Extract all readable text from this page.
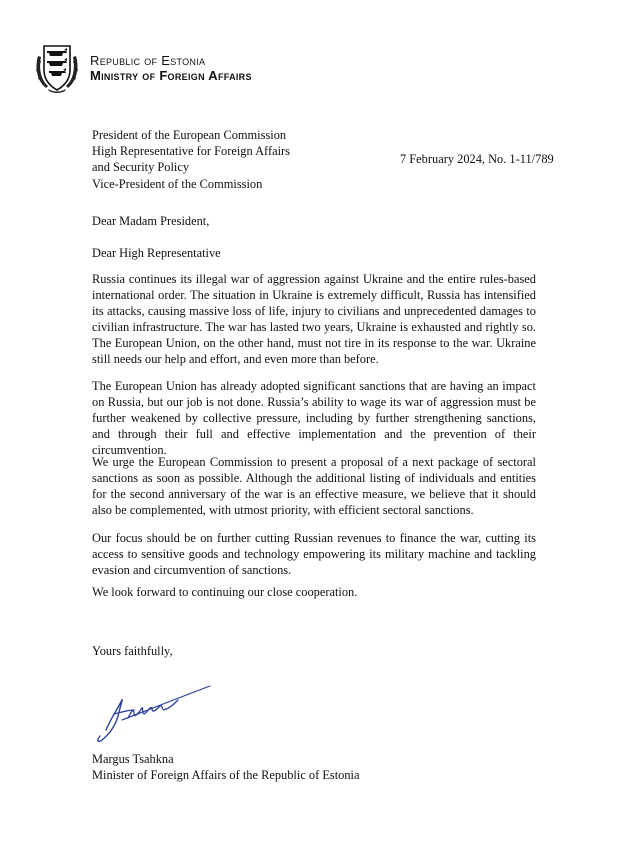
Republic of Estonia
Ministry of Foreign Affairs
President of the European Commission
High Representative for Foreign Affairs
and Security Policy
Vice-President of the Commission
7 February 2024, No. 1-11/789
Dear Madam President,
Dear High Representative

Russia continues its illegal war of aggression against Ukraine and the entire rules-based international order. The situation in Ukraine is extremely difficult, Russia has intensified its attacks, causing massive loss of life, injury to civilians and unprecedented damages to civilian infrastructure. The war has lasted two years, Ukraine is exhausted and rightly so. The European Union, on the other hand, must not tire in its response to the war. Ukraine still needs our help and effort, and even more than before.

The European Union has already adopted significant sanctions that are having an impact on Russia, but our job is not done. Russia’s ability to wage its war of aggression must be further weakened by collective pressure, including by further strengthening sanctions, and through their full and effective implementation and the prevention of their circumvention.

We urge the European Commission to present a proposal of a next package of sectoral sanctions as soon as possible. Although the additional listing of individuals and entities for the second anniversary of the war is an effective measure, we believe that it should also be complemented, with utmost priority, with efficient sectoral sanctions.

Our focus should be on further cutting Russian revenues to finance the war, cutting its access to sensitive goods and technology empowering its military machine and tackling evasion and circumvention of sanctions.

We look forward to continuing our close cooperation.

Yours faithfully,
Margus Tsahkna
Minister of Foreign Affairs of the Republic of Estonia
